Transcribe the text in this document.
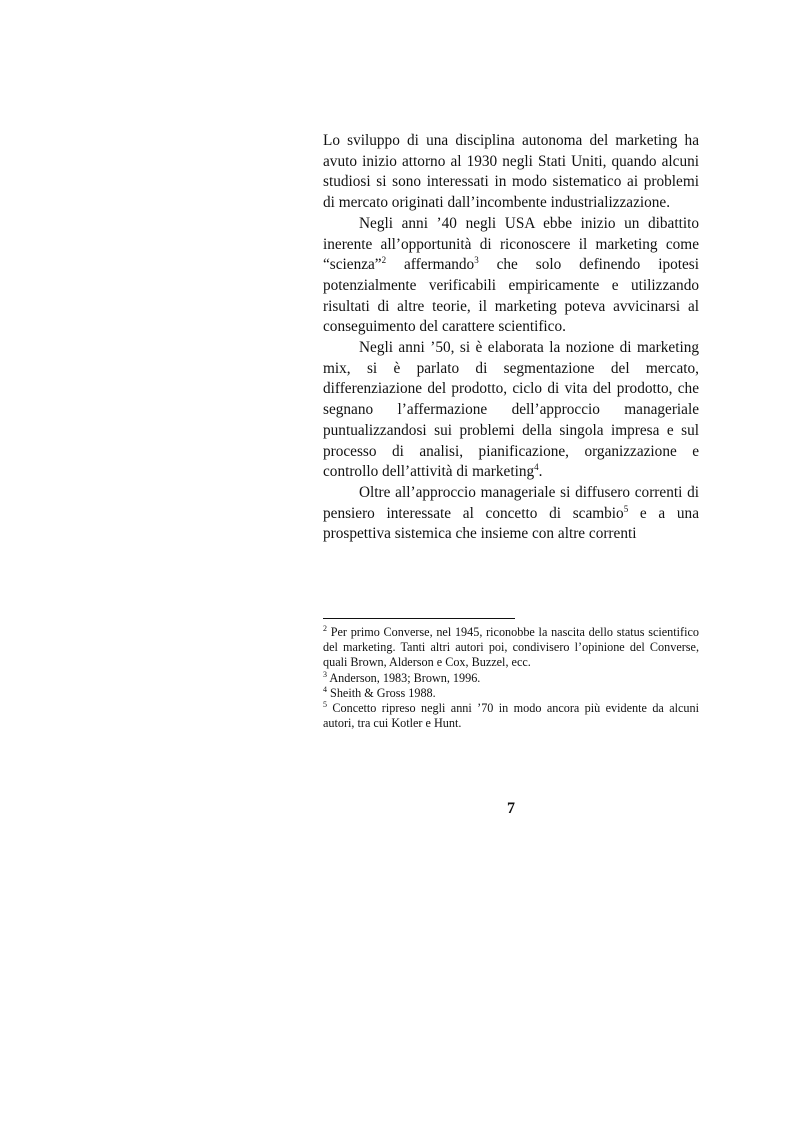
Lo sviluppo di una disciplina autonoma del marketing ha avuto inizio attorno al 1930 negli Stati Uniti, quando alcuni studiosi si sono interessati in modo sistematico ai problemi di mercato originati dall’incombente industrializzazione.

Negli anni ’40 negli USA ebbe inizio un dibattito inerente all’opportunità di riconoscere il marketing come “scienza”$^2$ affermando$^3$ che solo definendo ipotesi potenzialmente verificabili empiricamente e utilizzando risultati di altre teorie, il marketing poteva avvicinarsi al conseguimento del carattere scientifico.

Negli anni ’50, si è elaborata la nozione di marketing mix, si è parlato di segmentazione del mercato, differenziazione del prodotto, ciclo di vita del prodotto, che segnano l’affermazione dell’approccio manageriale puntualizzandosi sui problemi della singola impresa e sul processo di analisi, pianificazione, organizzazione e controllo dell’attività di marketing$^4$.

Oltre all’approccio manageriale si diffusero correnti di pensiero interessate al concetto di scambio$^5$ e a una prospettiva sistemica che insieme con altre correnti

$^2$ Per primo Converse, nel 1945, riconobbe la nascita dello status scientifico del marketing. Tanti altri autori poi, condivisero l’opinione del Converse, quali Brown, Alderson e Cox, Buzzel, ecc.

$^3$ Anderson, 1983; Brown, 1996.

$^4$ Sheith & Gross 1988.

$^5$ Concetto ripreso negli anni ’70 in modo ancora più evidente da alcuni autori, tra cui Kotler e Hunt.

7
